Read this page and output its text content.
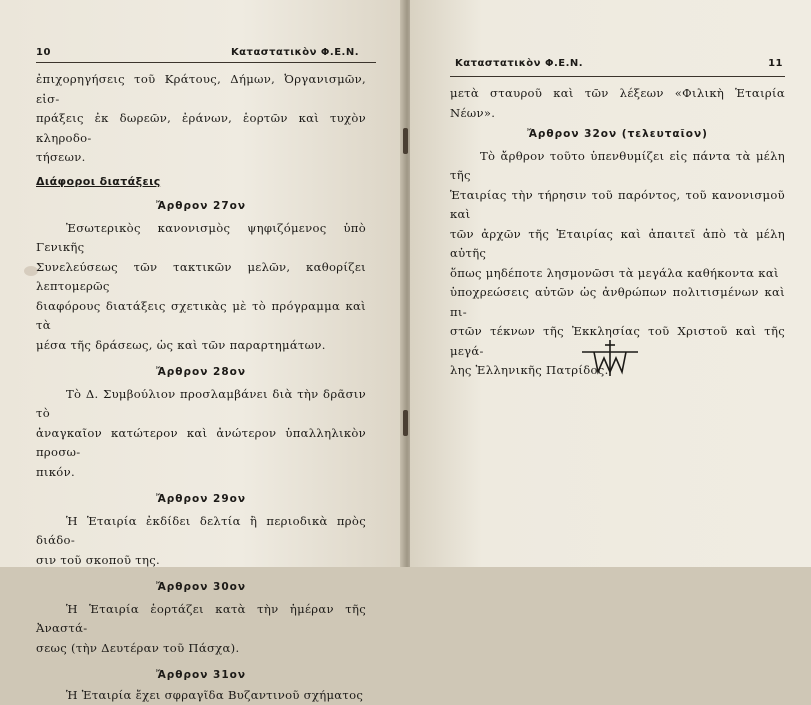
10	Καταστατικὸν Φ.Ε.Ν.

ἐπιχορηγήσεις τοῦ Κράτους, Δήμων, Ὀργανισμῶν, εἰσ-

πράξεις ἐκ δωρεῶν, ἐράνων, ἑορτῶν καὶ τυχὸν κληροδο-

τήσεων.

Διάφοροι διατάξεις

Ἄρθρον 27ον

Ἐσωτερικὸς κανονισμὸς ψηφιζόμενος ὑπὸ Γενικῆς

Συνελεύσεως τῶν τακτικῶν μελῶν, καθορίζει λεπτομερῶς

διαφόρους διατάξεις σχετικὰς μὲ τὸ πρόγραμμα καὶ τὰ

μέσα τῆς δράσεως, ὡς καὶ τῶν παραρτημάτων.

Ἄρθρον 28ον

Τὸ Δ. Συμβούλιον προσλαμβάνει διὰ τὴν δρᾶσιν τὸ

ἀναγκαῖον κατώτερον καὶ ἀνώτερον ὑπαλληλικὸν προσω-

πικόν.

Ἄρθρον 29ον

Ἡ Ἑταιρία ἐκδίδει δελτία ἢ περιοδικὰ πρὸς διάδο-

σιν τοῦ σκοποῦ της.

Ἄρθρον 30ον

Ἡ Ἑταιρία ἑορτάζει κατὰ τὴν ἡμέραν τῆς Ἀναστά-

σεως (τὴν Δευτέραν τοῦ Πάσχα).

Ἄρθρον 31ον

Ἡ Ἑταιρία ἔχει σφραγῖδα Βυζαντινοῦ σχήματος

Καταστατικὸν Φ.Ε.Ν.	11

μετὰ σταυροῦ καὶ τῶν λέξεων «Φιλικὴ Ἑταιρία Νέων».

Ἄρθρον 32ον (τελευταῖον)

Τὸ ἄρθρον τοῦτο ὑπενθυμίζει εἰς πάντα τὰ μέλη τῆς

Ἑταιρίας τὴν τήρησιν τοῦ παρόντος, τοῦ κανονισμοῦ καὶ

τῶν ἀρχῶν τῆς Ἑταιρίας καὶ ἀπαιτεῖ ἀπὸ τὰ μέλη αὐτῆς

ὅπως μηδέποτε λησμονῶσι τὰ μεγάλα καθήκοντα καὶ

ὑποχρεώσεις αὐτῶν ὡς ἀνθρώπων πολιτισμένων καὶ πι-

στῶν τέκνων τῆς Ἐκκλησίας τοῦ Χριστοῦ καὶ τῆς μεγά-

λης Ἑλληνικῆς Πατρίδος.
